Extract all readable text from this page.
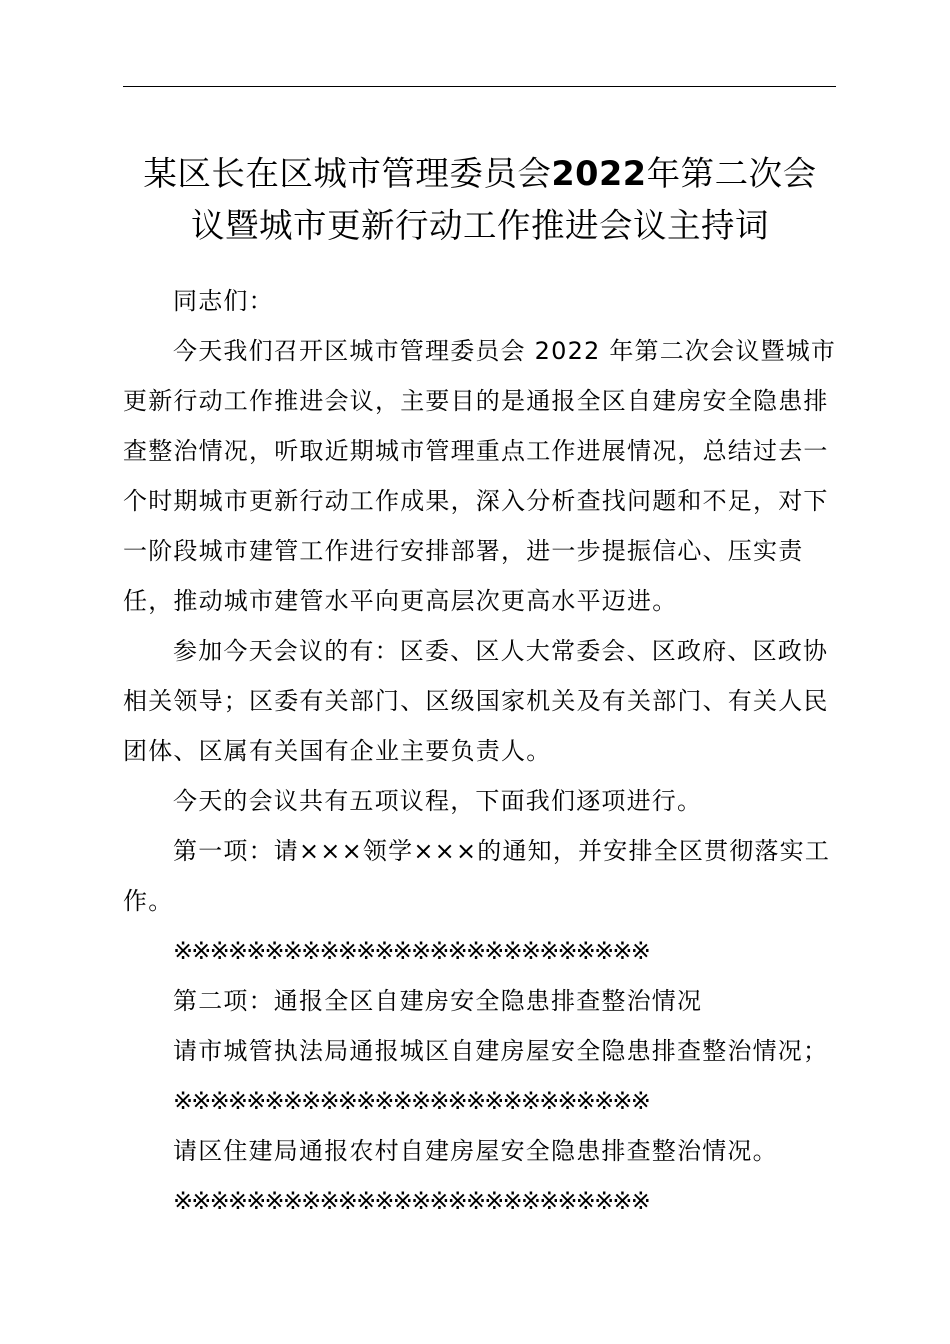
某区长在区城市管理委员会2022年第二次会
议暨城市更新行动工作推进会议主持词

同志们：

今天我们召开区城市管理委员会 2022 年第二次会议暨城市更新行动工作推进会议，主要目的是通报全区自建房安全隐患排查整治情况，听取近期城市管理重点工作进展情况，总结过去一个时期城市更新行动工作成果，深入分析查找问题和不足，对下一阶段城市建管工作进行安排部署，进一步提振信心、压实责任，推动城市建管水平向更高层次更高水平迈进。

参加今天会议的有：区委、区人大常委会、区政府、区政协相关领导；区委有关部门、区级国家机关及有关部门、有关人民团体、区属有关国有企业主要负责人。

今天的会议共有五项议程，下面我们逐项进行。

第一项：请×××领学×××的通知，并安排全区贯彻落实工作。

※※※※※※※※※※※※※※※※※※※※※※※※※※

第二项：通报全区自建房安全隐患排查整治情况

请市城管执法局通报城区自建房屋安全隐患排查整治情况；

※※※※※※※※※※※※※※※※※※※※※※※※※※

请区住建局通报农村自建房屋安全隐患排查整治情况。

※※※※※※※※※※※※※※※※※※※※※※※※※※
